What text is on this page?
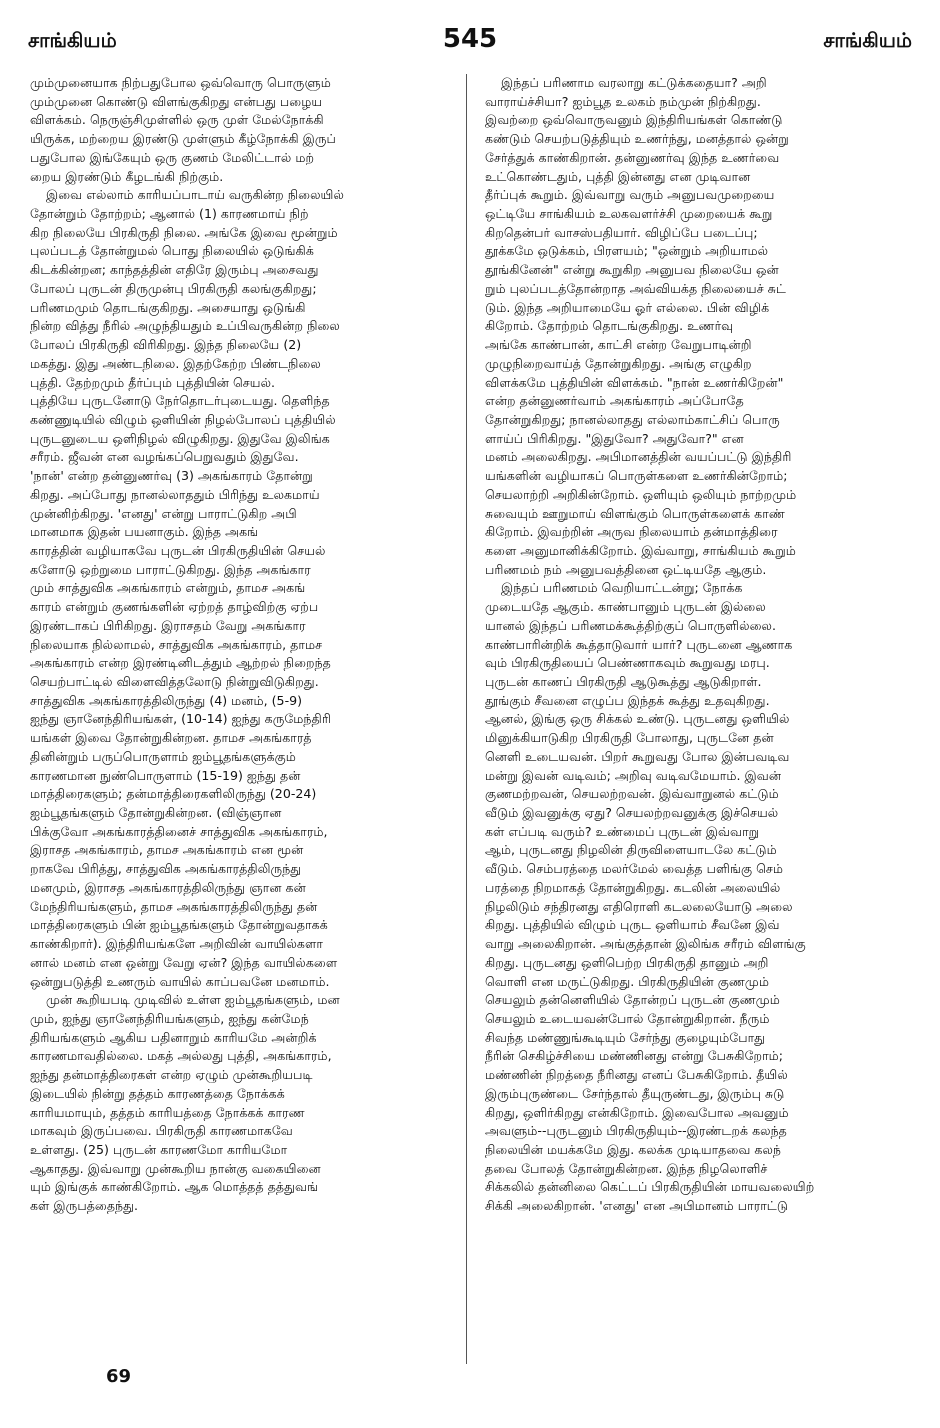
சாங்கியம்	545	சாங்கியம்
மும்முனையாக நிற்பதுபோல ஒவ்வொரு பொருளும்
மும்முனை கொண்டு விளங்குகிறது என்பது பழைய
விளக்கம். நெருஞ்சிமுள்ளில் ஒரு முள் மேல்நோக்கி
யிருக்க, மற்றைய இரண்டு முள்ளும் கீழ்நோக்கி இருப்
பதுபோல இங்கேயும் ஒரு குணம் மேலிட்டால் மற்
றைய இரண்டும் கீழடங்கி நிற்கும்.
இவை எல்லாம் காரியப்பாடாய் வருகின்ற நிலையில்
தோன்றும் தோற்றம்; ஆனால் (1) காரணமாய் நிற்
கிற நிலையே பிரகிருதி நிலை. அங்கே இவை மூன்றும்
புலப்படத் தோன்றுமல் பொது நிலையில் ஒடுங்கிக்
கிடக்கின்றன; காந்தத்தின் எதிரே இரும்பு அசைவது
போலப் புருடன் திருமுன்பு பிரகிருதி கலங்குகிறது;
பரிணமமும் தொடங்குகிறது. அசையாது ஒடுங்கி
நின்ற வித்து நீரில் அழுந்தியதும் உப்பிவருகின்ற நிலை
போலப் பிரகிருதி விரிகிறது. இந்த நிலையே (2)
மகத்து. இது அண்டநிலை. இதற்கேற்ற பிண்டநிலை
புத்தி. தேற்றமும் தீர்ப்பும் புத்தியின் செயல்.
புத்தியே புருடனோடு நேர்தொடர்புடையது. தெளிந்த
கண்ணுடியில் விழும் ஒளியின் நிழல்போலப் புத்தியில்
புருடனுடைய ஒளிநிழல் விழுகிறது. இதுவே இலிங்க
சரீரம். ஜீவன் என வழங்கப்பெறுவதும் இதுவே.
'நான்' என்ற தன்னுணர்வு (3) அகங்காரம் தோன்று
கிறது. அப்போது நானல்லாததும் பிரிந்து உலகமாய்
முன்னிற்கிறது. 'எனது' என்று பாராட்டுகிற அபி
மானமாக இதன் பயனாகும். இந்த அகங்
காரத்தின் வழியாகவே புருடன் பிரகிருதியின் செயல்
களோடு ஒற்றுமை பாராட்டுகிறது. இந்த அகங்கார
மும் சாத்துவிக அகங்காரம் என்றும், தாமச அகங்
காரம் என்றும் குணங்களின் ஏற்றத் தாழ்விற்கு ஏற்ப
இரண்டாகப் பிரிகிறது. இராசதம் வேறு அகங்கார
நிலையாக நில்லாமல், சாத்துவிக அகங்காரம், தாமச
அகங்காரம் என்ற இரண்டினிடத்தும் ஆற்றல் நிறைந்த
செயற்பாட்டில் விளைவித்தலோடு நின்றுவிடுகிறது.
சாத்துவிக அகங்காரத்திலிருந்து (4) மனம், (5-9)
ஐந்து ஞானேந்திரியங்கள், (10-14) ஐந்து கருமேந்திரி
யங்கள் இவை தோன்றுகின்றன. தாமச அகங்காரத்
தினின்றும் பருப்பொருளாம் ஐம்பூதங்களுக்கும்
காரணமான நுண்பொருளாம் (15-19) ஐந்து தன்
மாத்திரைகளும்; தன்மாத்திரைகளிலிருந்து (20-24)
ஐம்பூதங்களும் தோன்றுகின்றன. (விஞ்ஞான
பிக்குவோ அகங்காரத்தினைச் சாத்துவிக அகங்காரம்,
இராசத அகங்காரம், தாமச அகங்காரம் என மூன்
றாகவே பிரித்து, சாத்துவிக அகங்காரத்திலிருந்து
மனமும், இராசத அகங்காரத்திலிருந்து ஞான கன்
மேந்திரியங்களும், தாமச அகங்காரத்திலிருந்து தன்
மாத்திரைகளும் பின் ஐம்பூதங்களும் தோன்றுவதாகக்
காண்கிறார்). இந்திரியங்களே அறிவின் வாயில்களா
னால் மனம் என ஒன்று வேறு ஏன்? இந்த வாயில்களை
ஒன்றுபடுத்தி உணரும் வாயில் காப்பவனே மனமாம்.
முன் கூறியபடி முடிவில் உள்ள ஐம்பூதங்களும், மன
மும், ஐந்து ஞானேந்திரியங்களும், ஐந்து கன்மேந்
திரியங்களும் ஆகிய பதினாறும் காரியமே அன்றிக்
காரணமாவதில்லை. மகத் அல்லது புத்தி, அகங்காரம்,
ஐந்து தன்மாத்திரைகள் என்ற ஏழும் முன்கூறியபடி
இடையில் நின்று தத்தம் காரணத்தை நோக்கக்
காரியமாயும், தத்தம் காரியத்தை நோக்கக் காரண
மாகவும் இருப்பவை. பிரகிருதி காரணமாகவே
உள்ளது. (25) புருடன் காரணமோ காரியமோ
ஆகாதது. இவ்வாறு முன்கூறிய நான்கு வகையினை
யும் இங்குக் காண்கிறோம். ஆக மொத்தத் தத்துவங்
கள் இருபத்தைந்து.
இந்தப் பரிணாம வரலாறு கட்டுக்கதையா? அறி
வாராய்ச்சியா? ஐம்பூத உலகம் நம்முன் நிற்கிறது.
இவற்றை ஒவ்வொருவனும் இந்திரியங்கள் கொண்டு
கண்டும் செயற்படுத்தியும் உணர்ந்து, மனத்தால் ஒன்று
சேர்த்துக் காண்கிறான். தன்னுணர்வு இந்த உணர்வை
உட்கொண்டதும், புத்தி இன்னது என முடிவான
தீர்ப்புக் கூறும். இவ்வாறு வரும் அனுபவமுறையை
ஒட்டியே சாங்கியம் உலகவளர்ச்சி முறையைக் கூறு
கிறதென்பர் வாசஸ்பதியார். விழிப்பே படைப்பு;
தூக்கமே ஒடுக்கம், பிரளயம்; "ஒன்றும் அறியாமல்
தூங்கினேன்" என்று கூறுகிற அனுபவ நிலையே ஒன்
றும் புலப்படத்தோன்றாத அவ்வியக்த நிலையைச் சுட்
டும். இந்த அறியாமையே ஓர் எல்லை. பின் விழிக்
கிறோம். தோற்றம் தொடங்குகிறது. உணர்வு
அங்கே காண்பான், காட்சி என்ற வேறுபாடின்றி
முழுநிறைவாய்த் தோன்றுகிறது. அங்கு எழுகிற
விளக்கமே புத்தியின் விளக்கம். "நான் உணர்கிறேன்"
என்ற தன்னுணர்வாம் அகங்காரம் அப்போதே
தோன்றுகிறது; நானல்லாதது எல்லாம்காட்சிப் பொரு
ளாய்ப் பிரிகிறது. "இதுவோ? அதுவோ?" என
மனம் அலைகிறது. அபிமானத்தின் வயப்பட்டு இந்திரி
யங்களின் வழியாகப் பொருள்களை உணர்கின்றோம்;
செயலாற்றி அறிகின்றோம். ஒளியும் ஒலியும் நாற்றமும்
சுவையும் ஊறுமாய் விளங்கும் பொருள்களைக் காண்
கிறோம். இவற்றின் அருவ நிலையாம் தன்மாத்திரை
களை அனுமானிக்கிறோம். இவ்வாறு, சாங்கியம் கூறும்
பரிணமம் நம் அனுபவத்தினை ஒட்டியதே ஆகும்.
இந்தப் பரிணமம் வெறியாட்டன்று; நோக்க
முடையதே ஆகும். காண்பானும் புருடன் இல்லை
யானல் இந்தப் பரிணமக்கூத்திற்குப் பொருளில்லை.
காண்பாரின்றிக் கூத்தாடுவார் யார்? புருடனை ஆணாக
வும் பிரகிருதியைப் பெண்ணாகவும் கூறுவது மரபு.
புருடன் காணப் பிரகிருதி ஆடுகூத்து ஆடுகிறாள்.
தூங்கும் சீவனை எழுப்ப இந்தக் கூத்து உதவுகிறது.
ஆனல், இங்கு ஒரு சிக்கல் உண்டு. புருடனது ஒளியில்
மினுக்கியாடுகிற பிரகிருதி போலாது, புருடனே தன்
னெளி உடையவன். பிறர் கூறுவது போல இன்பவடிவ
மன்று இவன் வடிவம்; அறிவு வடிவமேயாம். இவன்
குணமற்றவன், செயலற்றவன். இவ்வாறுனல் கட்டும்
வீடும் இவனுக்கு ஏது? செயலற்றவனுக்கு இச்செயல்
கள் எப்படி வரும்? உண்மைப் புருடன் இவ்வாறு
ஆம், புருடனது நிழலின் திருவிளையாடலே கட்டும்
வீடும். செம்பரத்தை மலர்மேல் வைத்த பளிங்கு செம்
பரத்தை நிறமாகத் தோன்றுகிறது. கடலின் அலையில்
நிழலிடும் சந்திரனது எதிரொளி கடலலையோடு அலை
கிறது. புத்தியில் விழும் புருட ஒளியாம் சீவனே இவ்
வாறு அலைகிறான். அங்குத்தான் இலிங்க சரீரம் விளங்கு
கிறது. புருடனது ஒளிபெற்ற பிரகிருதி தானும் அறி
வொளி என மருட்டுகிறது. பிரகிருதியின் குணமும்
செயலும் தன்னெளியில் தோன்றப் புருடன் குணமும்
செயலும் உடையவன்போல் தோன்றுகிறான். நீரும்
சிவந்த மண்ணுங்கூடியும் சேர்ந்து குழையும்போது
நீரின் செகிழ்ச்சியை மண்ணினது என்று பேசுகிறோம்;
மண்ணின் நிறத்தை நீரினது எனப் பேசுகிறோம். தீயில்
இரும்புருண்டை சேர்ந்தால் தீயுருண்டது, இரும்பு சுடு
கிறது, ஒளிர்கிறது என்கிறோம். இவைபோல அவனும்
அவளும்--புருடனும் பிரகிருதியும்--இரண்டறக் கலந்த
நிலையின் மயக்கமே இது. கலக்க முடியாதவை கலந்
தவை போலத் தோன்றுகின்றன. இந்த நிழலொளிச்
சிக்கலில் தன்னிலை கெட்டப் பிரகிருதியின் மாயவலையிற்
சிக்கி அலைகிறான். 'எனது' என அபிமானம் பாராட்டு
69
